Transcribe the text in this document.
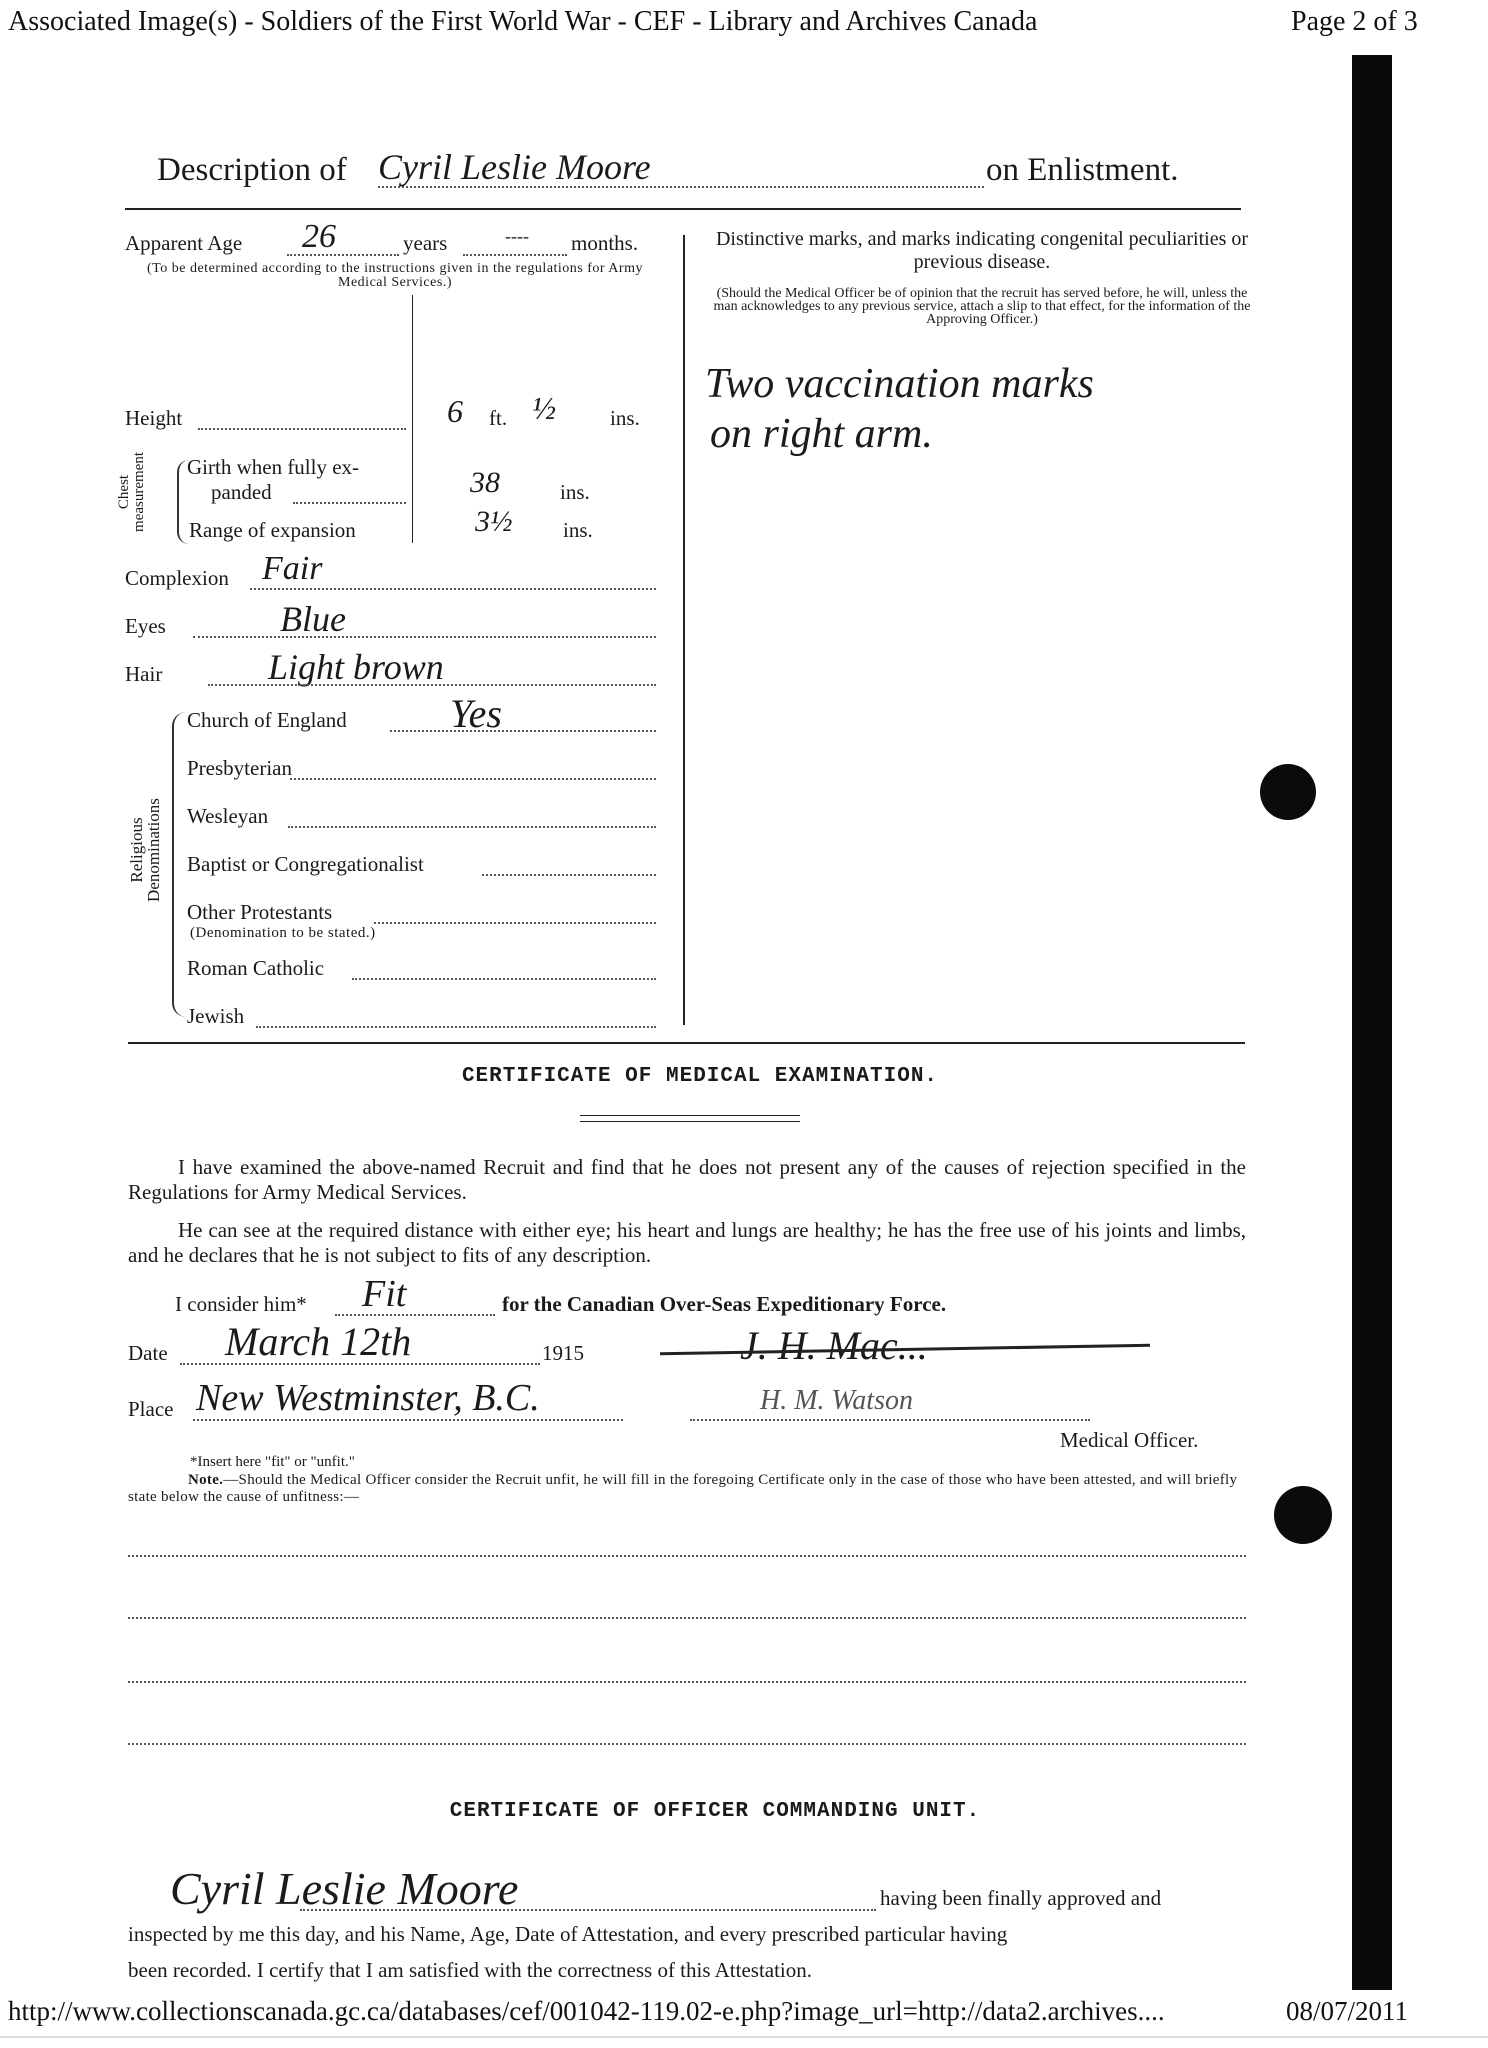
Associated Image(s) - Soldiers of the First World War - CEF - Library and Archives Canada	Page 2 of 3
http://www.collectionscanada.gc.ca/databases/cef/001042-119.02-e.php?image_url=http://data2.archives....	08/07/2011
Description of Cyril Leslie Moore	on Enlistment.
Apparent Age 26	years	---- months.
(To be determined according to the instructions given in the regulations for Army Medical Services.)
Distinctive marks, and marks indicating congenital peculiarities or previous disease.
(Should the Medical Officer be of opinion that the recruit has served before, he will, unless the man acknowledges to any previous service, attach a slip to that effect, for the information of the Approving Officer.)
Two vaccination marks
on right arm.
Height	6 ft. ½	ins.
Chest measurement Girth when fully ex-
panded	38	ins.
Range of expansion	3½ ins.
Complexion Fair
Eyes	Blue
Hair	Light brown
Religious Denominations
Church of England	Yes
Presbyterian
Wesleyan
Baptist or Congregationalist
Other Protestants
(Denomination to be stated.)
Roman Catholic
Jewish
CERTIFICATE OF MEDICAL EXAMINATION.
I have examined the above-named Recruit and find that he does not present any of the causes of rejection specified in the Regulations for Army Medical Services.
He can see at the required distance with either eye; his heart and lungs are healthy; he has the free use of his joints and limbs, and he declares that he is not subject to fits of any description.
I consider him* Fit	for the Canadian Over-Seas Expeditionary Force.
Date March 12th	1915	J. H. Mac...
Place New Westminster, B.C.	H. M. Watson
Medical Officer.
*Insert here "fit" or "unfit."
Note.—Should the Medical Officer consider the Recruit unfit, he will fill in the foregoing Certificate only in the case of those who have been attested, and will briefly state below the cause of unfitness:—
CERTIFICATE OF OFFICER COMMANDING UNIT.
Cyril Leslie Moore	having been finally approved and
inspected by me this day, and his Name, Age, Date of Attestation, and every prescribed particular having
been recorded. I certify that I am satisfied with the correctness of this Attestation.
